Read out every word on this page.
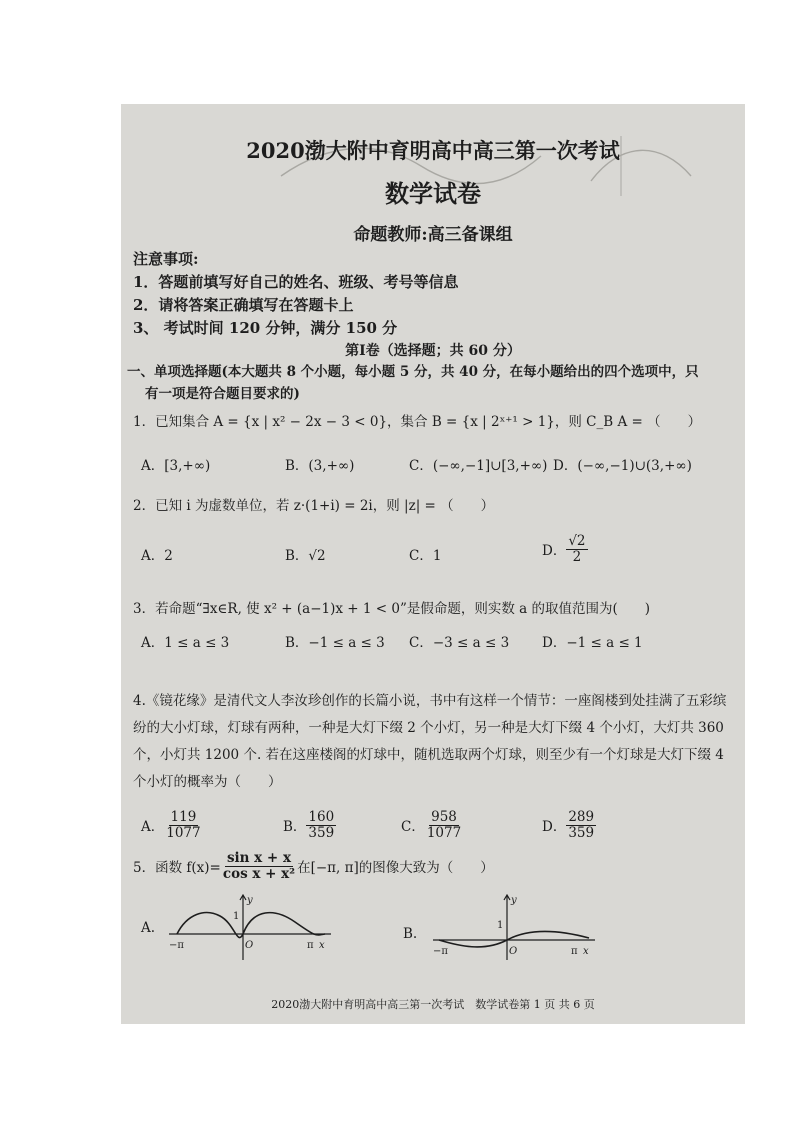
2020渤大附中育明高中高三第一次考试
数学试卷
命题教师:高三备课组
注意事项:
1．答题前填写好自己的姓名、班级、考号等信息
2．请将答案正确填写在答题卡上
3、 考试时间 120 分钟，满分 150 分
第Ⅰ卷（选择题；共 60 分）
一、单项选择题(本大题共 8 个小题，每小题 5 分，共 40 分，在每小题给出的四个选项中，只
有一项是符合题目要求的)
1．已知集合 A = {x | x² − 2x − 3 < 0}，集合 B = {x | 2ˣ⁺¹ > 1}，则 C_B A = （　　）
A．[3,+∞)	B．(3,+∞)	C．(−∞,−1]∪[3,+∞) D．(−∞,−1)∪(3,+∞)
2．已知 i 为虚数单位，若 z·(1+i) = 2i，则 |z| = （　　）
A．2	B．√2	C．1	D． $\frac{√2}{2}$
3．若命题“∃x∈R, 使 x² + (a−1)x + 1 < 0”是假命题，则实数 a 的取值范围为(　　)
A．1 ≤ a ≤ 3	B．−1 ≤ a ≤ 3 C．−3 ≤ a ≤ 3 D．−1 ≤ a ≤ 1
4.《镜花缘》是清代文人李汝珍创作的长篇小说，书中有这样一个情节：一座阁楼到处挂满了五彩缤纷的大小灯球，灯球有两种，一种是大灯下缀 2 个小灯，另一种是大灯下缀 4 个小灯，大灯共 360 个，小灯共 1200 个. 若在这座楼阁的灯球中，随机选取两个灯球，则至少有一个灯球是大灯下缀 4 个小灯的概率为（　　）
A． $\frac{119}{1077}$	B． $\frac{160}{359}$	C． $\frac{958}{1077}$	D． $\frac{289}{359}$
5．函数 $f(x)= \frac{\text{sin x + x}}{\text{cos x + x²}}$ 在[−π, π]的图像大致为（　　）
A.
y
1
−π	O	π x
B.
y
1
−π	O	π x
2020渤大附中育明高中高三第一次考试　数学试卷第 1 页 共 6 页
